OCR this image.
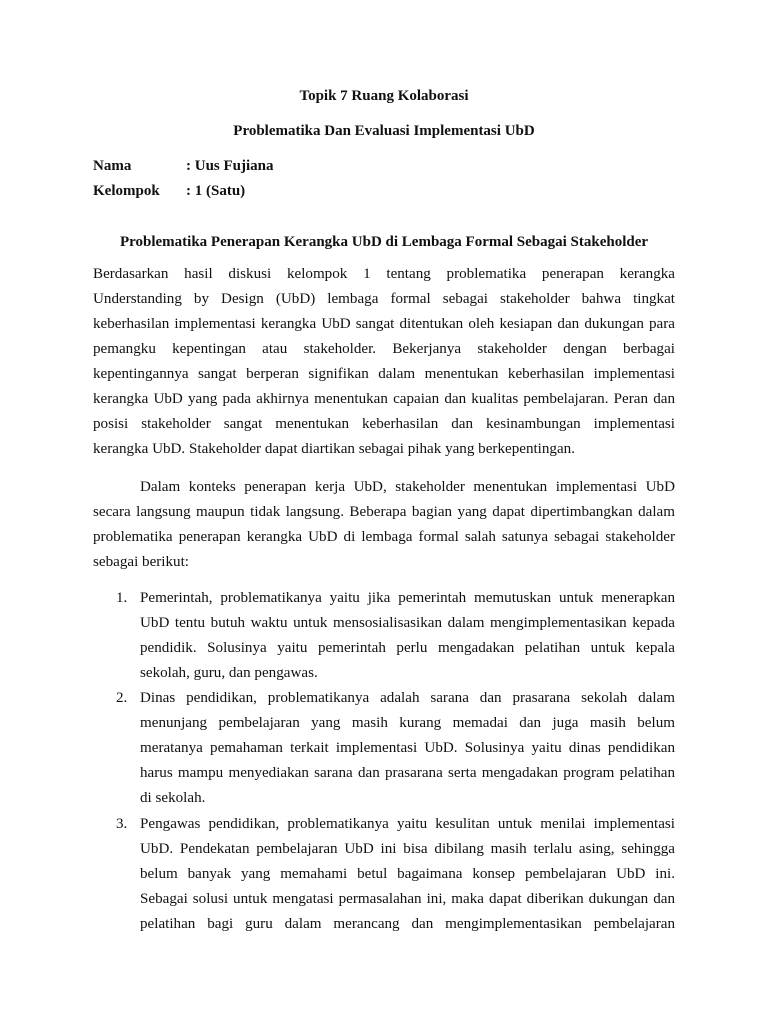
Topik 7 Ruang Kolaborasi
Problematika Dan Evaluasi Implementasi UbD
Nama	: Uus Fujiana
Kelompok : 1 (Satu)
Problematika Penerapan Kerangka UbD di Lembaga Formal Sebagai Stakeholder
Berdasarkan hasil diskusi kelompok 1 tentang problematika penerapan kerangka
Understanding by Design (UbD) lembaga formal sebagai stakeholder bahwa tingkat
keberhasilan implementasi kerangka UbD sangat ditentukan oleh kesiapan dan dukungan para
pemangku kepentingan atau stakeholder. Bekerjanya stakeholder dengan berbagai
kepentingannya sangat berperan signifikan dalam menentukan keberhasilan implementasi
kerangka UbD yang pada akhirnya menentukan capaian dan kualitas pembelajaran. Peran dan
posisi stakeholder sangat menentukan keberhasilan dan kesinambungan implementasi
kerangka UbD. Stakeholder dapat diartikan sebagai pihak yang berkepentingan.
Dalam konteks penerapan kerja UbD, stakeholder menentukan implementasi UbD
secara langsung maupun tidak langsung. Beberapa bagian yang dapat dipertimbangkan dalam
problematika penerapan kerangka UbD di lembaga formal salah satunya sebagai stakeholder
sebagai berikut:
1. Pemerintah, problematikanya yaitu jika pemerintah memutuskan untuk menerapkan
UbD tentu butuh waktu untuk mensosialisasikan dalam mengimplementasikan kepada
pendidik. Solusinya yaitu pemerintah perlu mengadakan pelatihan untuk kepala
sekolah, guru, dan pengawas.
2. Dinas pendidikan, problematikanya adalah sarana dan prasarana sekolah dalam
menunjang pembelajaran yang masih kurang memadai dan juga masih belum
meratanya pemahaman terkait implementasi UbD. Solusinya yaitu dinas pendidikan
harus mampu menyediakan sarana dan prasarana serta mengadakan program pelatihan
di sekolah.
3. Pengawas pendidikan, problematikanya yaitu kesulitan untuk menilai implementasi
UbD. Pendekatan pembelajaran UbD ini bisa dibilang masih terlalu asing, sehingga
belum banyak yang memahami betul bagaimana konsep pembelajaran UbD ini.
Sebagai solusi untuk mengatasi permasalahan ini, maka dapat diberikan dukungan dan
pelatihan bagi guru dalam merancang dan mengimplementasikan pembelajaran
